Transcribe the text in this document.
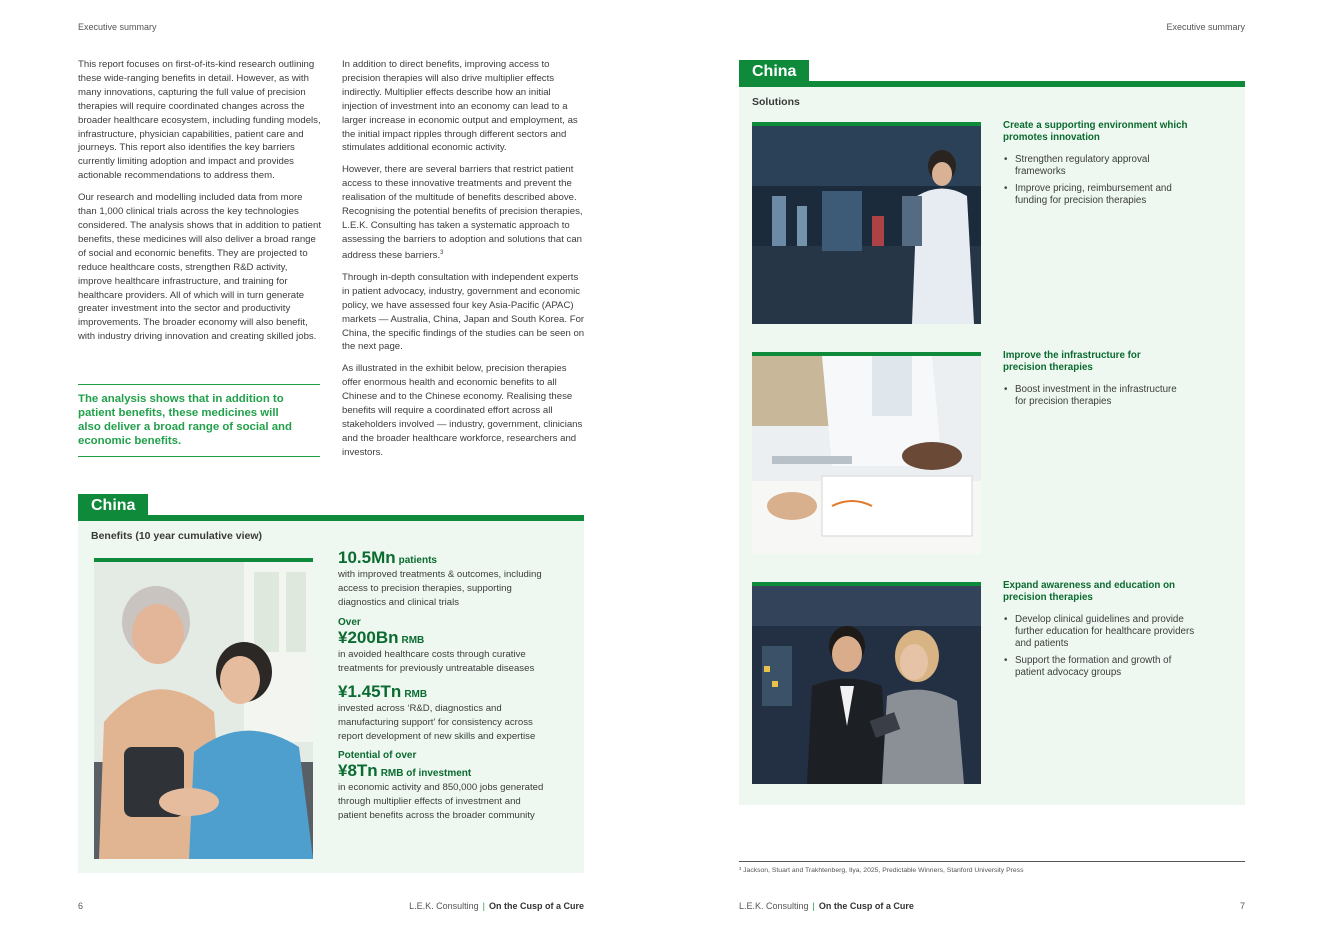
Executive summary	Executive summary

This report focuses on first-of-its-kind research outlining these wide-ranging benefits in detail. However, as with many innovations, capturing the full value of precision therapies will require coordinated changes across the broader healthcare ecosystem, including funding models, infrastructure, physician capabilities, patient care and journeys. This report also identifies the key barriers currently limiting adoption and impact and provides actionable recommendations to address them.

Our research and modelling included data from more than 1,000 clinical trials across the key technologies considered. The analysis shows that in addition to patient benefits, these medicines will also deliver a broad range of social and economic benefits. They are projected to reduce healthcare costs, strengthen R&D activity, improve healthcare infrastructure, and training for healthcare providers. All of which will in turn generate greater investment into the sector and productivity improvements. The broader economy will also benefit, with industry driving innovation and creating skilled jobs.

The analysis shows that in addition to
patient benefits, these medicines will
also deliver a broad range of social and
economic benefits.

In addition to direct benefits, improving access to precision therapies will also drive multiplier effects indirectly. Multiplier effects describe how an initial injection of investment into an economy can lead to a larger increase in economic output and employment, as the initial impact ripples through different sectors and stimulates additional economic activity.

However, there are several barriers that restrict patient access to these innovative treatments and prevent the realisation of the multitude of benefits described above. Recognising the potential benefits of precision therapies, L.E.K. Consulting has taken a systematic approach to assessing the barriers to adoption and solutions that can address these barriers.$^3$

Through in-depth consultation with independent experts in patient advocacy, industry, government and economic policy, we have assessed four key Asia-Pacific (APAC) markets — Australia, China, Japan and South Korea. For China, the specific findings of the studies can be seen on the next page.

As illustrated in the exhibit below, precision therapies offer enormous health and economic benefits to all Chinese and to the Chinese economy. Realising these benefits will require a coordinated effort across all stakeholders involved — industry, government, clinicians and the broader healthcare workforce, researchers and investors.

China
Benefits (10 year cumulative view)
10.5Mn patients
with improved treatments & outcomes, including
access to precision therapies, supporting
diagnostics and clinical trials
Over
¥200Bn RMB
in avoided healthcare costs through curative
treatments for previously untreatable diseases
¥1.45Tn RMB
invested across ‘R&D, diagnostics and
manufacturing support’ for consistency across
report development of new skills and expertise
Potential of over
¥8Tn RMB of investment
in economic activity and 850,000 jobs generated
through multiplier effects of investment and
patient benefits across the broader community
China
Solutions
Create a supporting environment which
promotes innovation
• Strengthen regulatory approval
frameworks
• Improve pricing, reimbursement and
funding for precision therapies
Improve the infrastructure for
precision therapies
• Boost investment in the infrastructure
for precision therapies
Expand awareness and education on
precision therapies
• Develop clinical guidelines and provide
further education for healthcare providers
and patients
• Support the formation and growth of
patient advocacy groups
³ Jackson, Stuart and Trakhtenberg, Ilya, 2025, Predictable Winners, Stanford University Press
6	L.E.K. Consulting | On the Cusp of a Cure	L.E.K. Consulting | On the Cusp of a Cure	7
